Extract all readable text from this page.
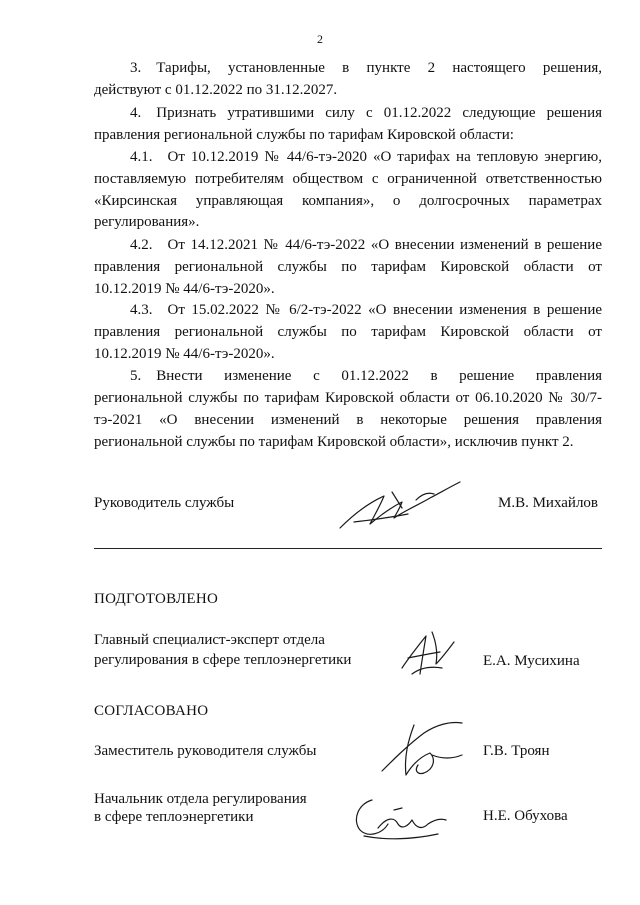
2
3. Тарифы, установленные в пункте 2 настоящего решения,
действуют с 01.12.2022 по 31.12.2027.
4. Признать утратившими силу с 01.12.2022 следующие решения
правления региональной службы по тарифам Кировской области:
4.1. От 10.12.2019 № 44/6-тэ-2020 «О тарифах на тепловую энергию,
поставляемую потребителям обществом с ограниченной ответственностью
«Кирсинская управляющая компания», о долгосрочных параметрах
регулирования».
4.2. От 14.12.2021 № 44/6-тэ-2022 «О внесении изменений в решение
правления региональной службы по тарифам Кировской области от
10.12.2019 № 44/6-тэ-2020».
4.3. От 15.02.2022 № 6/2-тэ-2022 «О внесении изменения в решение
правления региональной службы по тарифам Кировской области от
10.12.2019 № 44/6-тэ-2020».
5. Внести изменение с 01.12.2022 в решение правления
региональной службы по тарифам Кировской области от 06.10.2020 № 30/7-
тэ-2021 «О внесении изменений в некоторые решения правления
региональной службы по тарифам Кировской области», исключив пункт 2.
Руководитель службы	М.В. Михайлов
ПОДГОТОВЛЕНО
Главный специалист-эксперт отдела
регулирования в сфере теплоэнергетики	Е.А. Мусихина
СОГЛАСОВАНО
Заместитель руководителя службы	Г.В. Троян
Начальник отдела регулирования
в сфере теплоэнергетики	Н.Е. Обухова
